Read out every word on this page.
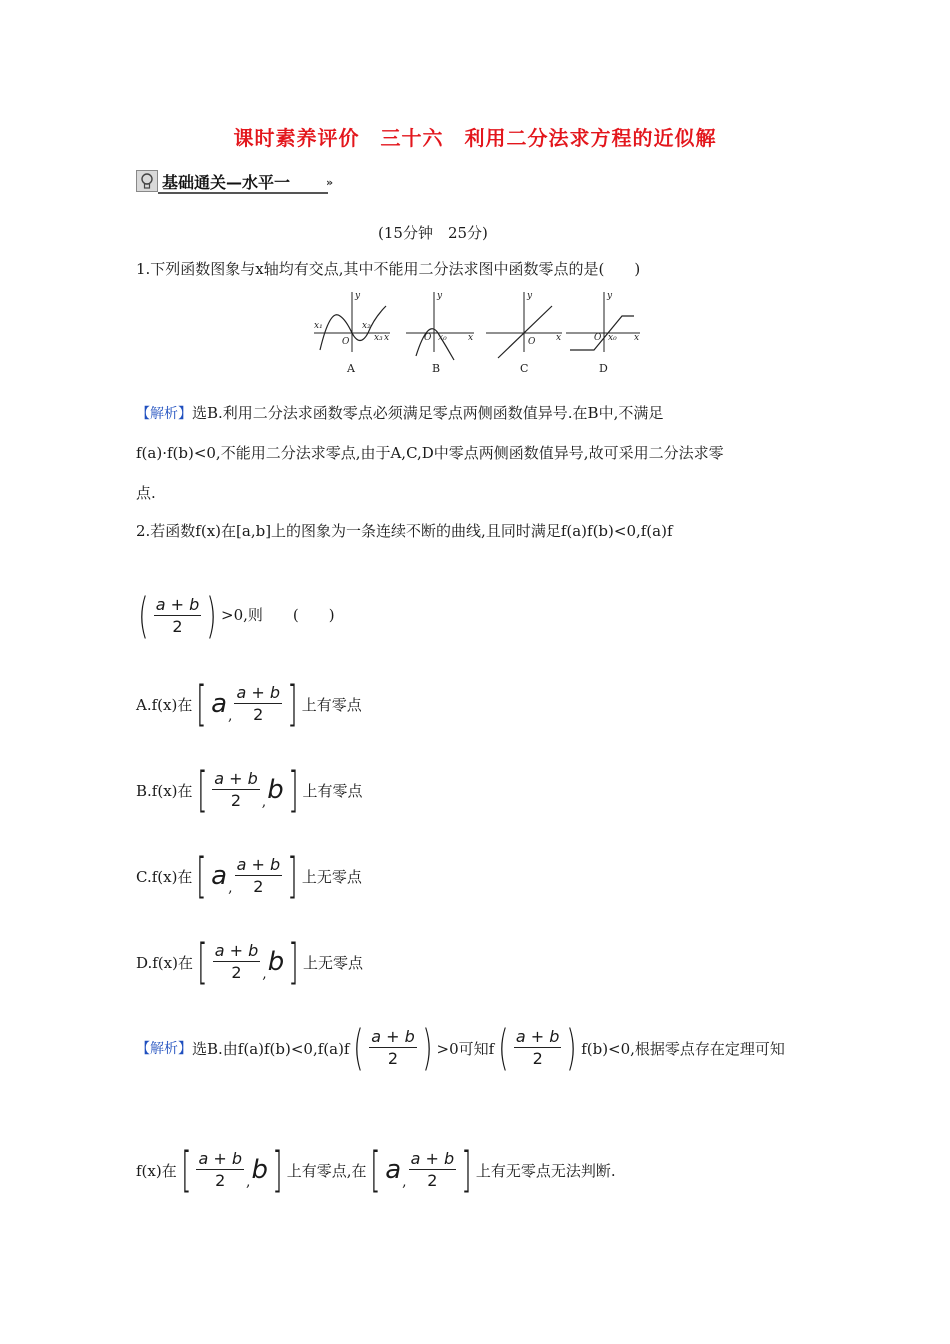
课时素养评价　三十六　利用二分法求方程的近似解
基础通关—水平一	»
(15分钟　25分)
1.下列函数图象与x轴均有交点,其中不能用二分法求图中函数零点的是(　　)
y
x₁	x₂
x₃ x
O
A
y
x₀ x
O
B
y
x
O
C
y
x₀ x
O
D
【解析】选B.利用二分法求函数零点必须满足零点两侧函数值异号.在B中,不满足
f(a)·f(b)<0,不能用二分法求零点,由于A,C,D中零点两侧函数值异号,故可采用二分法求零
点.
2.若函数f(x)在[a,b]上的图象为一条连续不断的曲线,且同时满足f(a)f(b)<0,f(a)f
( $\frac{a + b}{2}$ ) >0,则　　(　　)
A.f(x)在 [ a , $\frac{a + b}{2}$ ] 上有零点
B.f(x)在 [ $\frac{a + b}{2}$ , b ] 上有零点
C.f(x)在 [ a , $\frac{a + b}{2}$ ] 上无零点
D.f(x)在 [ $\frac{a + b}{2}$ , b ] 上无零点
【解析】 选B.由f(a)f(b)<0,f(a)f ( $\frac{a + b}{2}$ ) >0可知f ( $\frac{a + b}{2}$ ) f(b)<0,根据零点存在定理可知
f(x)在 [ $\frac{a + b}{2}$ , b ] 上有零点,在 [ a , $\frac{a + b}{2}$ ] 上有无零点无法判断.
